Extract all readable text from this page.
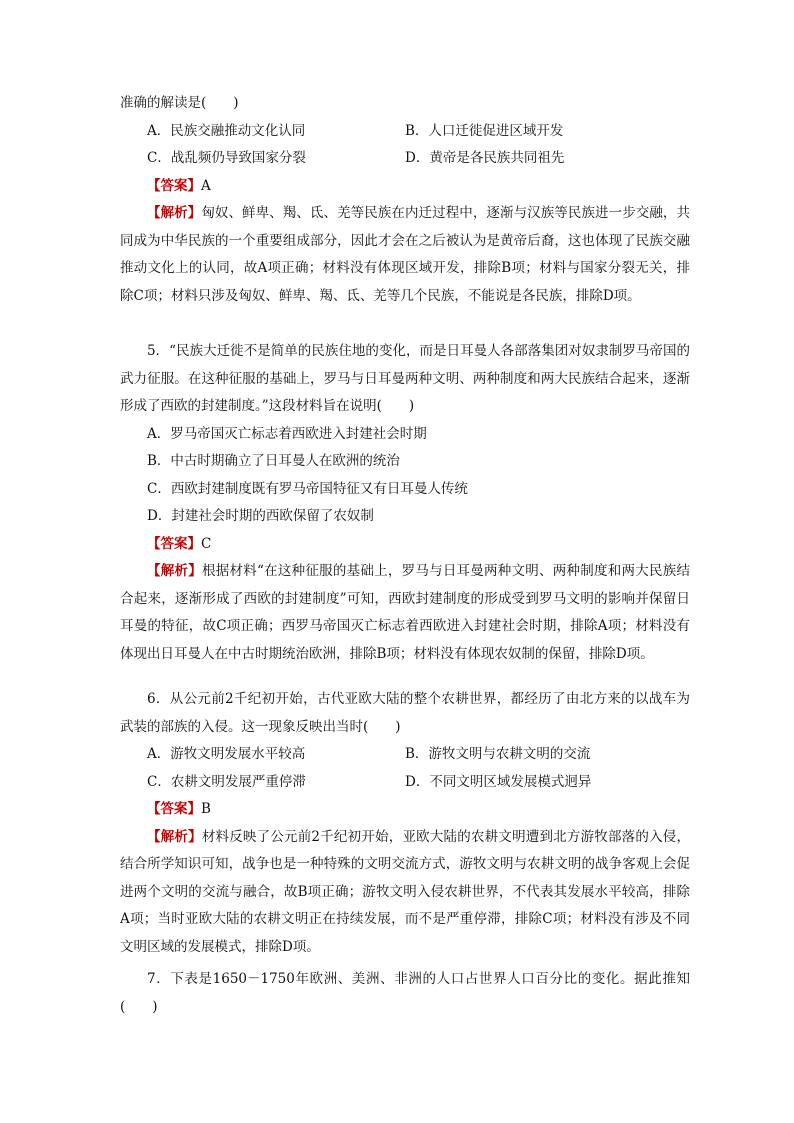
准确的解读是(　　)

A．民族交融推动文化认同	B．人口迁徙促进区域开发
C．战乱频仍导致国家分裂	D．黄帝是各民族共同祖先

【答案】A

【解析】匈奴、鲜卑、羯、氐、羌等民族在内迁过程中，逐渐与汉族等民族进一步交融，共同成为中华民族的一个重要组成部分，因此才会在之后被认为是黄帝后裔，这也体现了民族交融推动文化上的认同，故A项正确；材料没有体现区域开发，排除B项；材料与国家分裂无关，排除C项；材料只涉及匈奴、鲜卑、羯、氐、羌等几个民族，不能说是各民族，排除D项。

5．“民族大迁徙不是简单的民族住地的变化，而是日耳曼人各部落集团对奴隶制罗马帝国的武力征服。在这种征服的基础上，罗马与日耳曼两种文明、两种制度和两大民族结合起来，逐渐形成了西欧的封建制度。”这段材料旨在说明(　　)

A．罗马帝国灭亡标志着西欧进入封建社会时期

B．中古时期确立了日耳曼人在欧洲的统治

C．西欧封建制度既有罗马帝国特征又有日耳曼人传统

D．封建社会时期的西欧保留了农奴制

【答案】C

【解析】根据材料“在这种征服的基础上，罗马与日耳曼两种文明、两种制度和两大民族结合起来，逐渐形成了西欧的封建制度”可知，西欧封建制度的形成受到罗马文明的影响并保留日耳曼的特征，故C项正确；西罗马帝国灭亡标志着西欧进入封建社会时期，排除A项；材料没有体现出日耳曼人在中古时期统治欧洲，排除B项；材料没有体现农奴制的保留，排除D项。

6．从公元前2千纪初开始，古代亚欧大陆的整个农耕世界，都经历了由北方来的以战车为武装的部族的入侵。这一现象反映出当时(　　)

A．游牧文明发展水平较高	B．游牧文明与农耕文明的交流
C．农耕文明发展严重停滞	D．不同文明区域发展模式迥异

【答案】B

【解析】材料反映了公元前2千纪初开始，亚欧大陆的农耕文明遭到北方游牧部落的入侵，结合所学知识可知，战争也是一种特殊的文明交流方式，游牧文明与农耕文明的战争客观上会促进两个文明的交流与融合，故B项正确；游牧文明入侵农耕世界，不代表其发展水平较高，排除A项；当时亚欧大陆的农耕文明正在持续发展，而不是严重停滞，排除C项；材料没有涉及不同文明区域的发展模式，排除D项。

7．下表是1650－1750年欧洲、美洲、非洲的人口占世界人口百分比的变化。据此推知(　　)
